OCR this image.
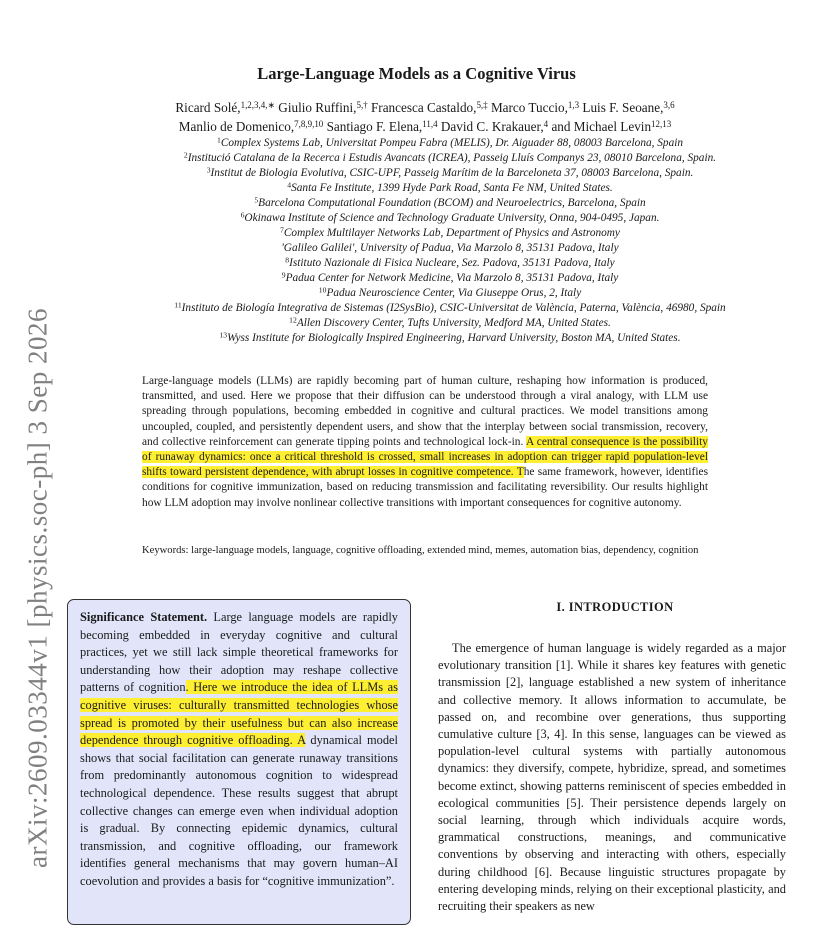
arXiv:2609.03344v1 [physics.soc-ph] 3 Sep 2026
Large-Language Models as a Cognitive Virus
Ricard Solé,$^{1,2,3,4,∗}$ Giulio Ruffini,$^{5,\dagger}$ Francesca Castaldo,$^{5,\ddagger}$ Marco Tuccio,$^{1,3}$ Luis F. Seoane,$^{3,6}$
Manlio de Domenico,$^{7,8,9,10}$ Santiago F. Elena,$^{11,4}$ David C. Krakauer,$^4$ and Michael Levin$^{12,13}$
$^1$Complex Systems Lab, Universitat Pompeu Fabra (MELIS), Dr. Aiguader 88, 08003 Barcelona, Spain
$^2$Institució Catalana de la Recerca i Estudis Avancats (ICREA), Passeig Lluís Companys 23, 08010 Barcelona, Spain.
$^3$Institut de Biologia Evolutiva, CSIC-UPF, Passeig Marítim de la Barceloneta 37, 08003 Barcelona, Spain.
$^4$Santa Fe Institute, 1399 Hyde Park Road, Santa Fe NM, United States.
$^5$Barcelona Computational Foundation (BCOM) and Neuroelectrics, Barcelona, Spain
$^6$Okinawa Institute of Science and Technology Graduate University, Onna, 904-0495, Japan.
$^7$Complex Multilayer Networks Lab, Department of Physics and Astronomy
'Galileo Galilei', University of Padua, Via Marzolo 8, 35131 Padova, Italy
$^8$Istituto Nazionale di Fisica Nucleare, Sez. Padova, 35131 Padova, Italy
$^9$Padua Center for Network Medicine, Via Marzolo 8, 35131 Padova, Italy
$^{10}$Padua Neuroscience Center, Via Giuseppe Orus, 2, Italy
$^{11}$Instituto de Biología Integrativa de Sistemas (I2SysBio), CSIC-Universitat de València, Paterna, València, 46980, Spain
$^{12}$Allen Discovery Center, Tufts University, Medford MA, United States.
$^{13}$Wyss Institute for Biologically Inspired Engineering, Harvard University, Boston MA, United States.
Large-language models (LLMs) are rapidly becoming part of human culture, reshaping how information is produced, transmitted, and used. Here we propose that their diffusion can be understood through a viral analogy, with LLM use spreading through populations, becoming embedded in cognitive and cultural practices. We model transitions among uncoupled, coupled, and persistently dependent users, and show that the interplay between social transmission, recovery, and collective reinforcement can generate tipping points and technological lock-in. A central consequence is the possibility of runaway dynamics: once a critical threshold is crossed, small increases in adoption can trigger rapid population-level shifts toward persistent dependence, with abrupt losses in cognitive competence. The same framework, however, identifies conditions for cognitive immunization, based on reducing transmission and facilitating reversibility. Our results highlight how LLM adoption may involve nonlinear collective transitions with important consequences for cognitive autonomy.
Keywords: large-language models, language, cognitive offloading, extended mind, memes, automation bias, dependency, cognition
Significance Statement. Large language models are rapidly becoming embedded in everyday cognitive and cultural practices, yet we still lack simple theoretical frameworks for understanding how their adoption may reshape collective patterns of cognition. Here we introduce the idea of LLMs as cognitive viruses: culturally transmitted technologies whose spread is promoted by their usefulness but can also increase dependence through cognitive offloading. A dynamical model shows that social facilitation can generate runaway transitions from predominantly autonomous cognition to widespread technological dependence. These results suggest that abrupt collective changes can emerge even when individual adoption is gradual. By connecting epidemic dynamics, cultural transmission, and cognitive offloading, our framework identifies general mechanisms that may govern human–AI coevolution and provides a basis for “cognitive immunization”.
I. INTRODUCTION
The emergence of human language is widely regarded as a major evolutionary transition [1]. While it shares key features with genetic transmission [2], language established a new system of inheritance and collective memory. It allows information to accumulate, be passed on, and recombine over generations, thus supporting cumulative culture [3, 4]. In this sense, languages can be viewed as population-level cultural systems with partially autonomous dynamics: they diversify, compete, hybridize, spread, and sometimes become extinct, showing patterns reminiscent of species embedded in ecological communities [5]. Their persistence depends largely on social learning, through which individuals acquire words, grammatical constructions, meanings, and communicative conventions by observing and interacting with others, especially during childhood [6]. Because linguistic structures propagate by entering developing minds, relying on their exceptional plasticity, and recruiting their speakers as new
